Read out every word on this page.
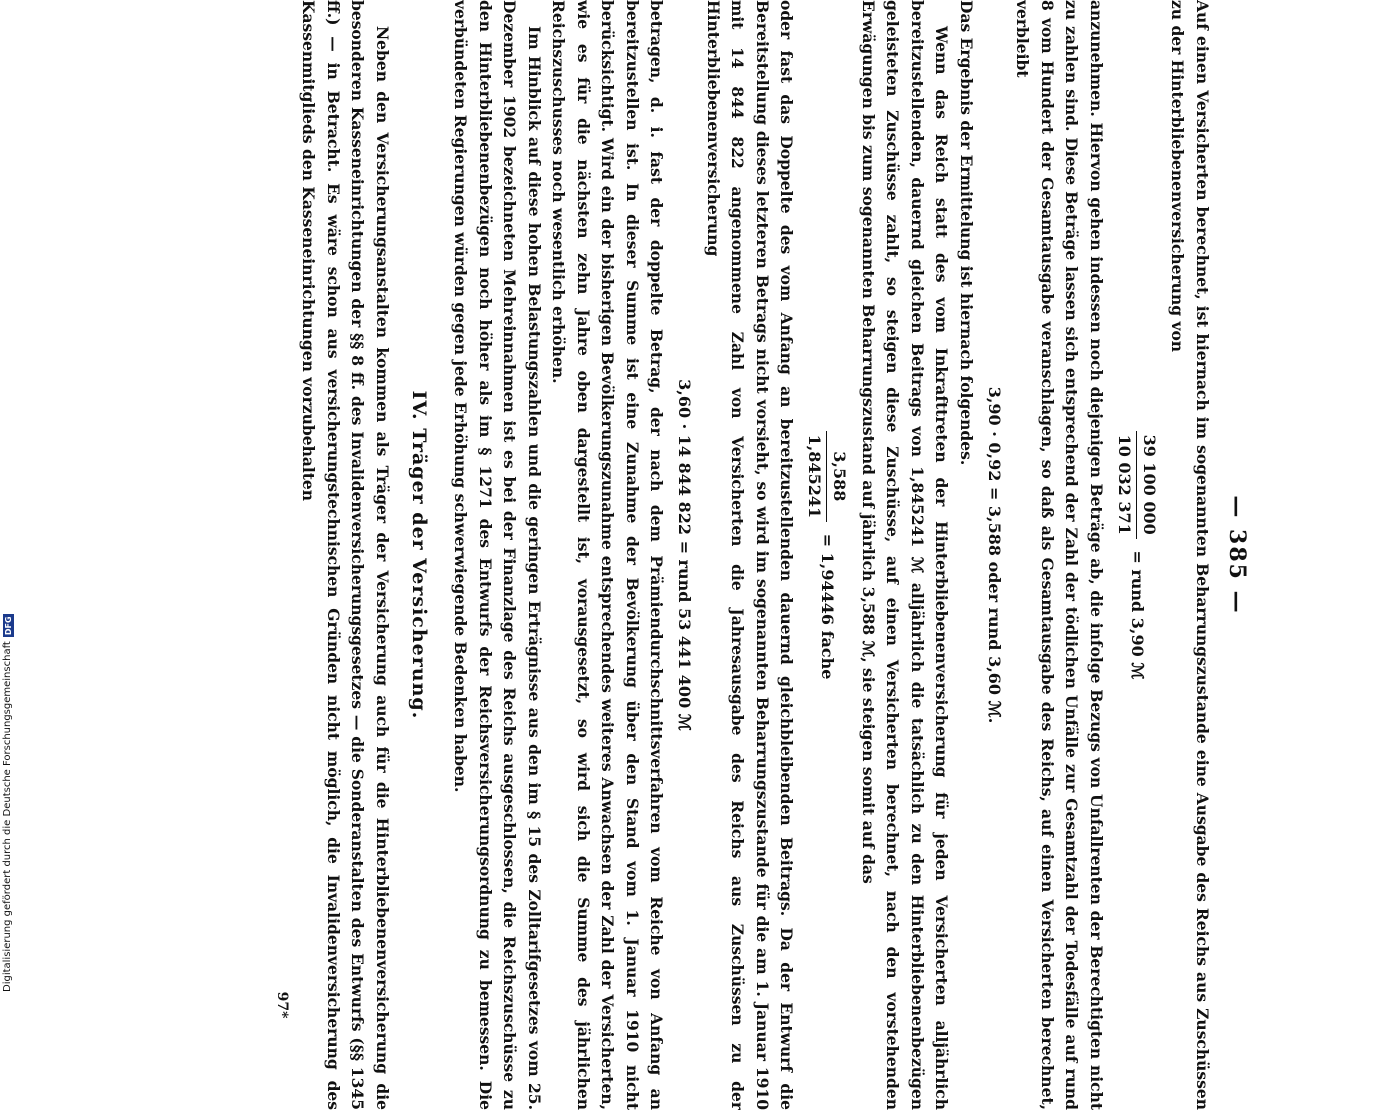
— 385 —

Auf einen Versicherten berechnet, ist hiernach im sogenannten Beharrungszustande eine Ausgabe des Reichs aus Zuschüssen zu der Hinterbliebenenversicherung von

39 100 000
10 032 371
= rund 3,90 ℳ

anzunehmen. Hiervon gehen indessen noch diejenigen Beträge ab, die infolge Bezugs von Unfallrenten der Berechtigten nicht zu zahlen sind. Diese Beträge lassen sich entsprechend der Zahl der tödlichen Unfälle zur Gesamtzahl der Todesfälle auf rund 8 vom Hundert der Gesamtausgabe veranschlagen, so daß als Gesamtausgabe des Reichs, auf einen Versicherten berechnet, verbleibt

3,90 · 0,92 = 3,588 oder rund 3,60 ℳ.

Das Ergebnis der Ermittelung ist hiernach folgendes.

Wenn das Reich statt des vom Inkrafttreten der Hinterbliebenenversicherung für jeden Versicherten alljährlich bereitzustellenden, dauernd gleichen Beitrags von 1,845241 ℳ alljährlich die tatsächlich zu den Hinterbliebenenbezügen geleisteten Zuschüsse zahlt, so steigen diese Zuschüsse, auf einen Versicherten berechnet, nach den vorstehenden Erwägungen bis zum sogenannten Beharrungszustand auf jährlich 3,588 ℳ, sie steigen somit auf das

3,588
1,845241
= 1,94446 fache

oder fast das Doppelte des vom Anfang an bereitzustellenden dauernd gleichbleibenden Beitrags. Da der Entwurf die Bereitstellung dieses letzteren Betrags nicht vorsieht, so wird im sogenannten Beharrungszustande für die am 1. Januar 1910 mit 14 844 822 angenommene Zahl von Versicherten die Jahresausgabe des Reichs aus Zuschüssen zu der Hinterbliebenenversicherung

3,60 · 14 844 822 = rund 53 441 400 ℳ

betragen, d. i. fast der doppelte Betrag, der nach dem Prämiendurchschnittsverfahren vom Reiche von Anfang an bereitzustellen ist. In dieser Summe ist eine Zunahme der Bevölkerung über den Stand vom 1. Januar 1910 nicht berücksichtigt. Wird ein der bisherigen Bevölkerungszunahme entsprechendes weiteres Anwachsen der Zahl der Versicherten, wie es für die nächsten zehn Jahre oben dargestellt ist, vorausgesetzt, so wird sich die Summe des jährlichen Reichszuschusses noch wesentlich erhöhen.

Im Hinblick auf diese hohen Belastungszahlen und die geringen Erträgnisse aus den im § 15 des Zolltarifgesetzes vom 25. Dezember 1902 bezeichneten Mehreinnahmen ist es bei der Finanzlage des Reichs ausgeschlossen, die Reichszuschüsse zu den Hinterbliebenenbezügen noch höher als im § 1271 des Entwurfs der Reichsversicherungsordnung zu bemessen. Die verbündeten Regierungen würden gegen jede Erhöhung schwerwiegende Bedenken haben.

IV. Träger der Versicherung.

Neben den Versicherungsanstalten kommen als Träger der Versicherung auch für die Hinterbliebenenversicherung die besonderen Kasseneinrichtungen der §§ 8 ff. des Invalidenversicherungsgesetzes — die Sonderanstalten des Entwurfs (§§ 1345 ff.) — in Betracht. Es wäre schon aus versicherungstechnischen Gründen nicht möglich, die Invalidenversicherung des Kassenmitglieds den Kasseneinrichtungen vorzubehalten

97*
Digitalisierung gefördert durch die Deutsche Forschungsgemeinschaft
DFG
